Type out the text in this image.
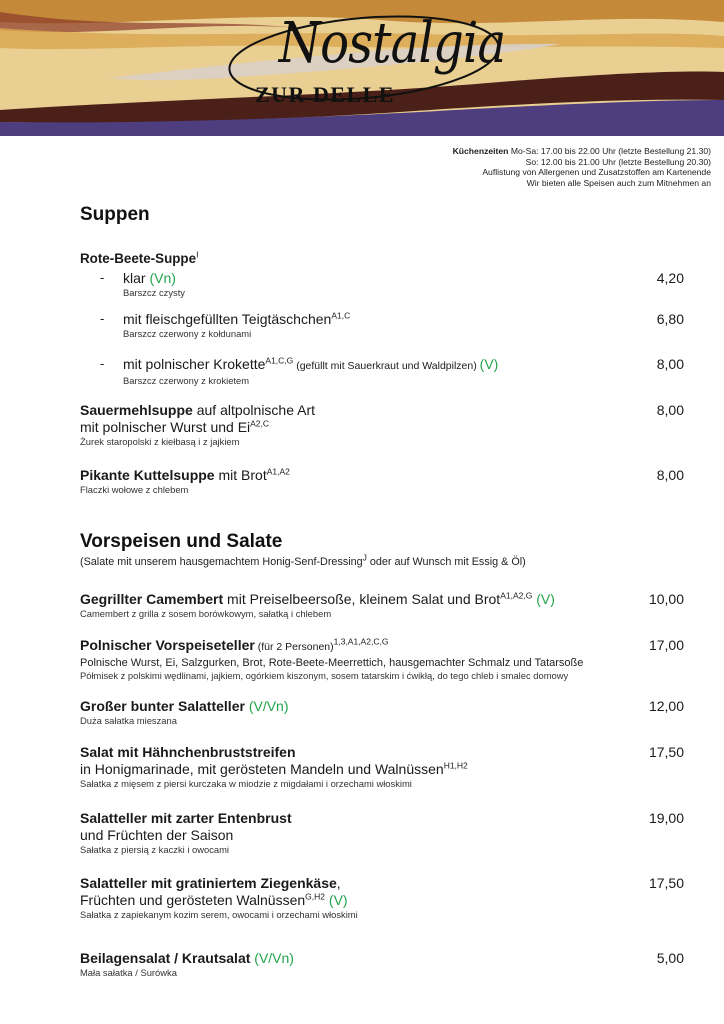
Nostalgia
ZUR DELLE
Küchenzeiten Mo-Sa: 17.00 bis 22.00 Uhr (letzte Bestellung 21.30)
So: 12.00 bis 21.00 Uhr (letzte Bestellung 20.30)
Auflistung von Allergenen und Zusatzstoffen am Kartenende
Wir bieten alle Speisen auch zum Mitnehmen an
Suppen
Rote-Beete-Suppe$^I$
- klar (Vn)
Barszcz czysty
4,20
- mit fleischgefüllten Teigtäschchen$^{A1,C}$
Barszcz czerwony z kołdunami
6,80
- mit polnischer Krokette$^{A1,C,G}$ (gefüllt mit Sauerkraut und Waldpilzen) (V)
Barszcz czerwony z krokietem
8,00
Sauermehlsuppe auf altpolnische Art
mit polnischer Wurst und $Ei^{A2,C}$
Żurek staropolski z kiełbasą i z jajkiem
8,00
Pikante Kuttelsuppe mit Brot$^{A1,A2}$
Flaczki wołowe z chlebem
8,00
Vorspeisen und Salate
(Salate mit unserem hausgemachtem Honig-Senf-Dressing$^J$ oder auf Wunsch mit Essig & Öl)
Gegrillter Camembert mit Preiselbeersoße, kleinem Salat und Brot$^{A1,A2,G}$ (V)
Camembert z grilla z sosem borówkowym, sałatką i chlebem
10,00
Polnischer Vorspeiseteller (für 2 Personen)$^{1,3,A1,A2,C,G}$
Polnische Wurst, Ei, Salzgurken, Brot, Rote-Beete-Meerrettich, hausgemachter Schmalz und Tatarsoße
Półmisek z polskimi wędlinami, jajkiem, ogórkiem kiszonym, sosem tatarskim i ćwikłą, do tego chleb i smalec domowy
17,00
Großer bunter Salatteller (V/Vn)
Duża sałatka mieszana
12,00
Salat mit Hähnchenbruststreifen
in Honigmarinade, mit gerösteten Mandeln und Walnüssen$^{H1,H2}$
Sałatka z mięsem z piersi kurczaka w miodzie z migdałami i orzechami włoskimi
17,50
Salatteller mit zarter Entenbrust
und Früchten der Saison
Sałatka z piersią z kaczki i owocami
19,00
Salatteller mit gratiniertem Ziegenkäse,
Früchten und gerösteten Walnüssen$^{G,H2}$ (V)
Sałatka z zapiekanym kozim serem, owocami i orzechami włoskimi
17,50
Beilagensalat / Krautsalat (V/Vn)
Mała sałatka / Surówka
5,00
